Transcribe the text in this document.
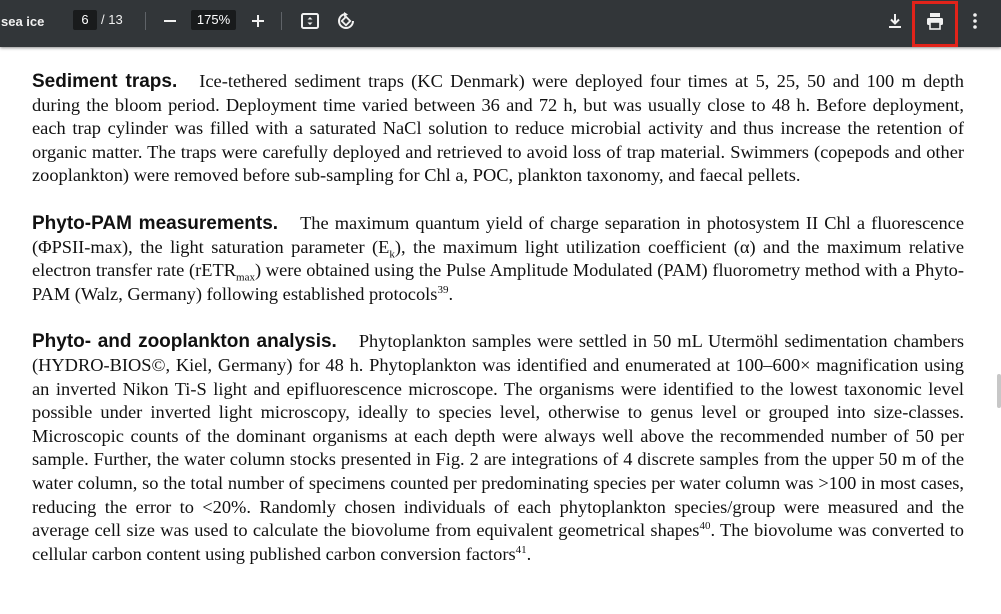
sea ice	6 / 13	175%

Sediment traps. Ice-tethered sediment traps (KC Denmark) were deployed four times at 5, 25, 50 and 100 m depth during the bloom period. Deployment time varied between 36 and 72 h, but was usually close to 48 h. Before deployment, each trap cylinder was filled with a saturated NaCl solution to reduce microbial activity and thus increase the retention of organic matter. The traps were carefully deployed and retrieved to avoid loss of trap material. Swimmers (copepods and other zooplankton) were removed before sub-sampling for Chl a, POC, plankton taxonomy, and faecal pellets.

Phyto-PAM measurements. The maximum quantum yield of charge separation in photosystem II Chl a fluorescence (ΦPSII-max), the light saturation parameter $(E_k)$, the maximum light utilization coefficient (α) and the maximum relative electron transfer rate (rETR$_{max}$) were obtained using the Pulse Amplitude Modulated (PAM) fluorometry method with a Phyto-PAM (Walz, Germany) following established protocols$^{39}$.

Phyto- and zooplankton analysis. Phytoplankton samples were settled in 50 mL Utermöhl sedimentation chambers (HYDRO-BIOS©, Kiel, Germany) for 48 h. Phytoplankton was identified and enumerated at 100–600× magnification using an inverted Nikon Ti-S light and epifluorescence microscope. The organisms were identified to the lowest taxonomic level possible under inverted light microscopy, ideally to species level, otherwise to genus level or grouped into size-classes. Microscopic counts of the dominant organisms at each depth were always well above the recommended number of 50 per sample. Further, the water column stocks presented in Fig. 2 are integrations of 4 discrete samples from the upper 50 m of the water column, so the total number of specimens counted per predominating species per water column was >100 in most cases, reducing the error to <20%. Randomly chosen individuals of each phytoplankton species/group were measured and the average cell size was used to calculate the biovolume from equivalent geometrical shapes$^{40}$. The biovolume was converted to cellular carbon content using published carbon conversion factors$^{41}$.
